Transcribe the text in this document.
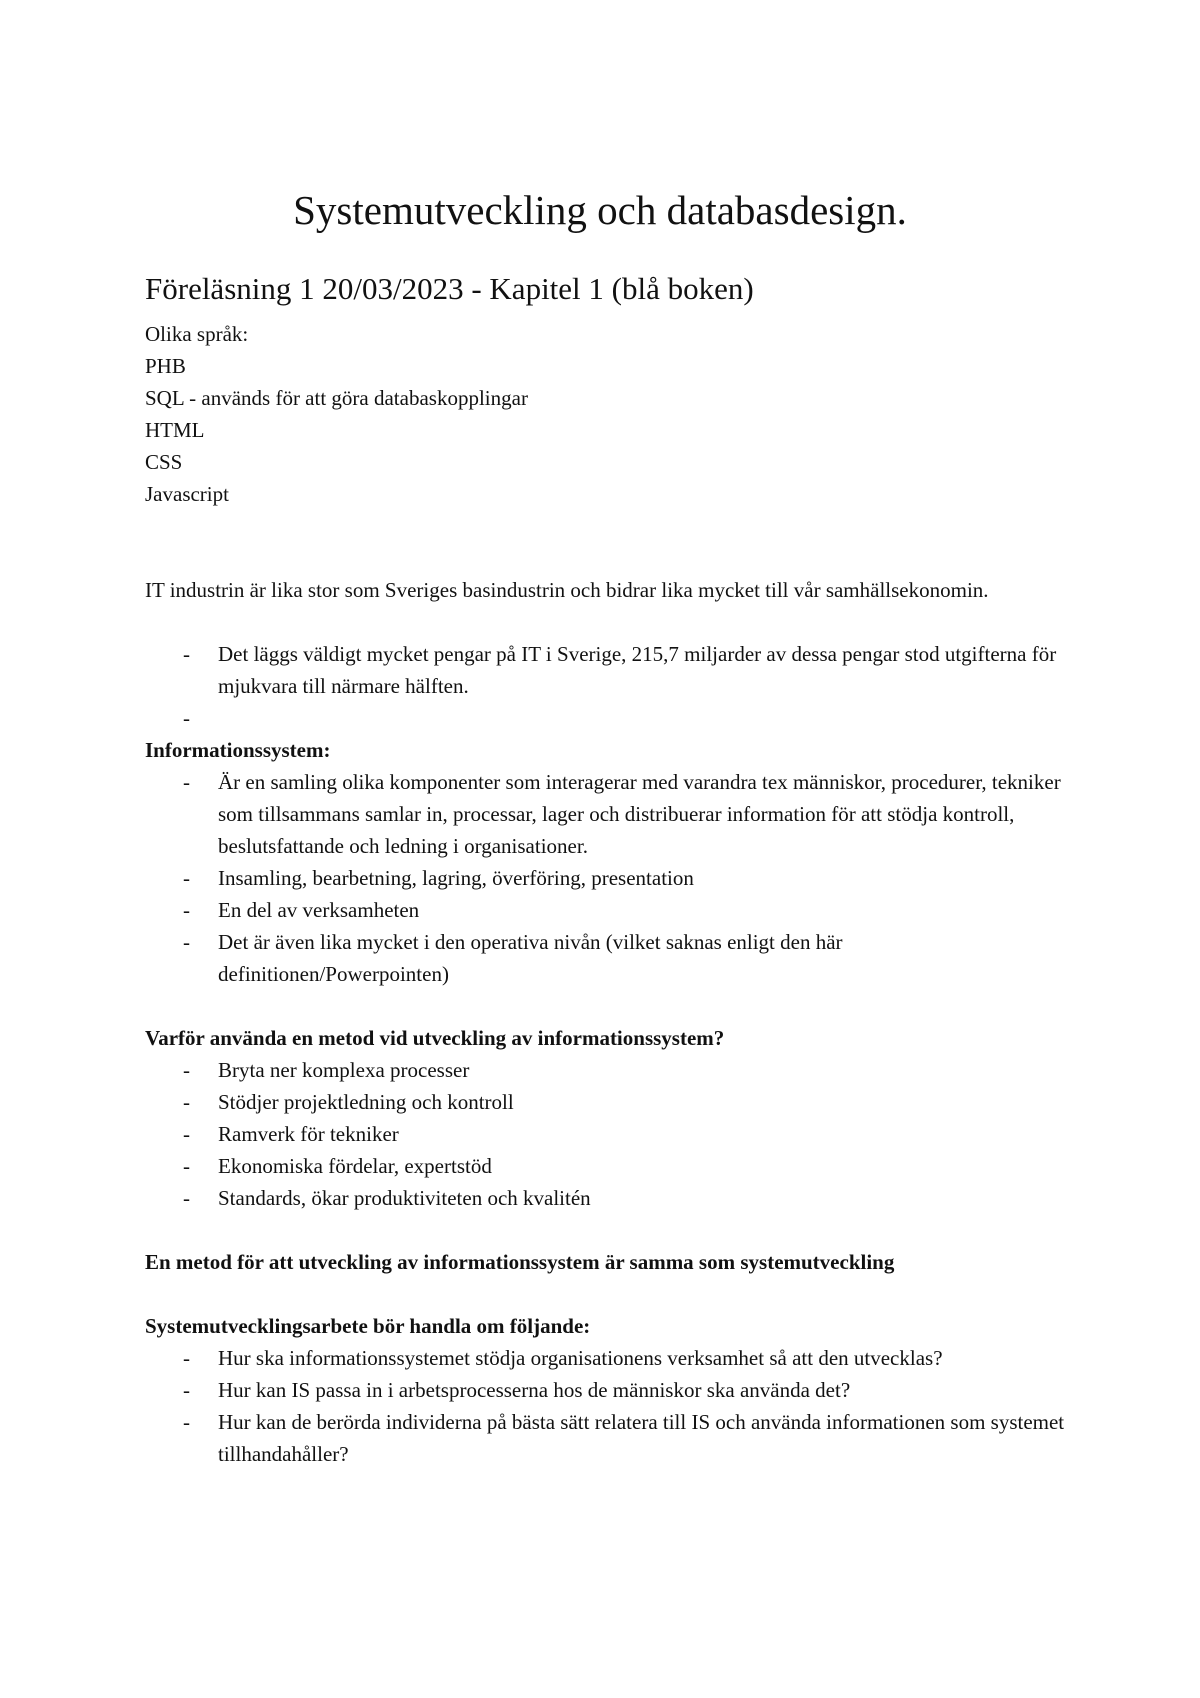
Systemutveckling och databasdesign.
Föreläsning 1 20/03/2023 - Kapitel 1 (blå boken)

Olika språk:

PHB

SQL - används för att göra databaskopplingar

HTML

CSS

Javascript

IT industrin är lika stor som Sveriges basindustrin och bidrar lika mycket till vår samhällsekonomin.

- Det läggs väldigt mycket pengar på IT i Sverige, 215,7 miljarder av dessa pengar stod utgifterna för mjukvara till närmare hälften.
-

Informationssystem:

- Är en samling olika komponenter som interagerar med varandra tex människor, procedurer, tekniker som tillsammans samlar in, processar, lager och distribuerar information för att stödja kontroll, beslutsfattande och ledning i organisationer.
- Insamling, bearbetning, lagring, överföring, presentation
- En del av verksamheten
- Det är även lika mycket i den operativa nivån (vilket saknas enligt den här definitionen/Powerpointen)

Varför använda en metod vid utveckling av informationssystem?

- Bryta ner komplexa processer
- Stödjer projektledning och kontroll
- Ramverk för tekniker
- Ekonomiska fördelar, expertstöd
- Standards, ökar produktiviteten och kvalitén

En metod för att utveckling av informationssystem är samma som systemutveckling

Systemutvecklingsarbete bör handla om följande:

- Hur ska informationssystemet stödja organisationens verksamhet så att den utvecklas?
- Hur kan IS passa in i arbetsprocesserna hos de människor ska använda det?
- Hur kan de berörda individerna på bästa sätt relatera till IS och använda informationen som systemet tillhandahåller?
